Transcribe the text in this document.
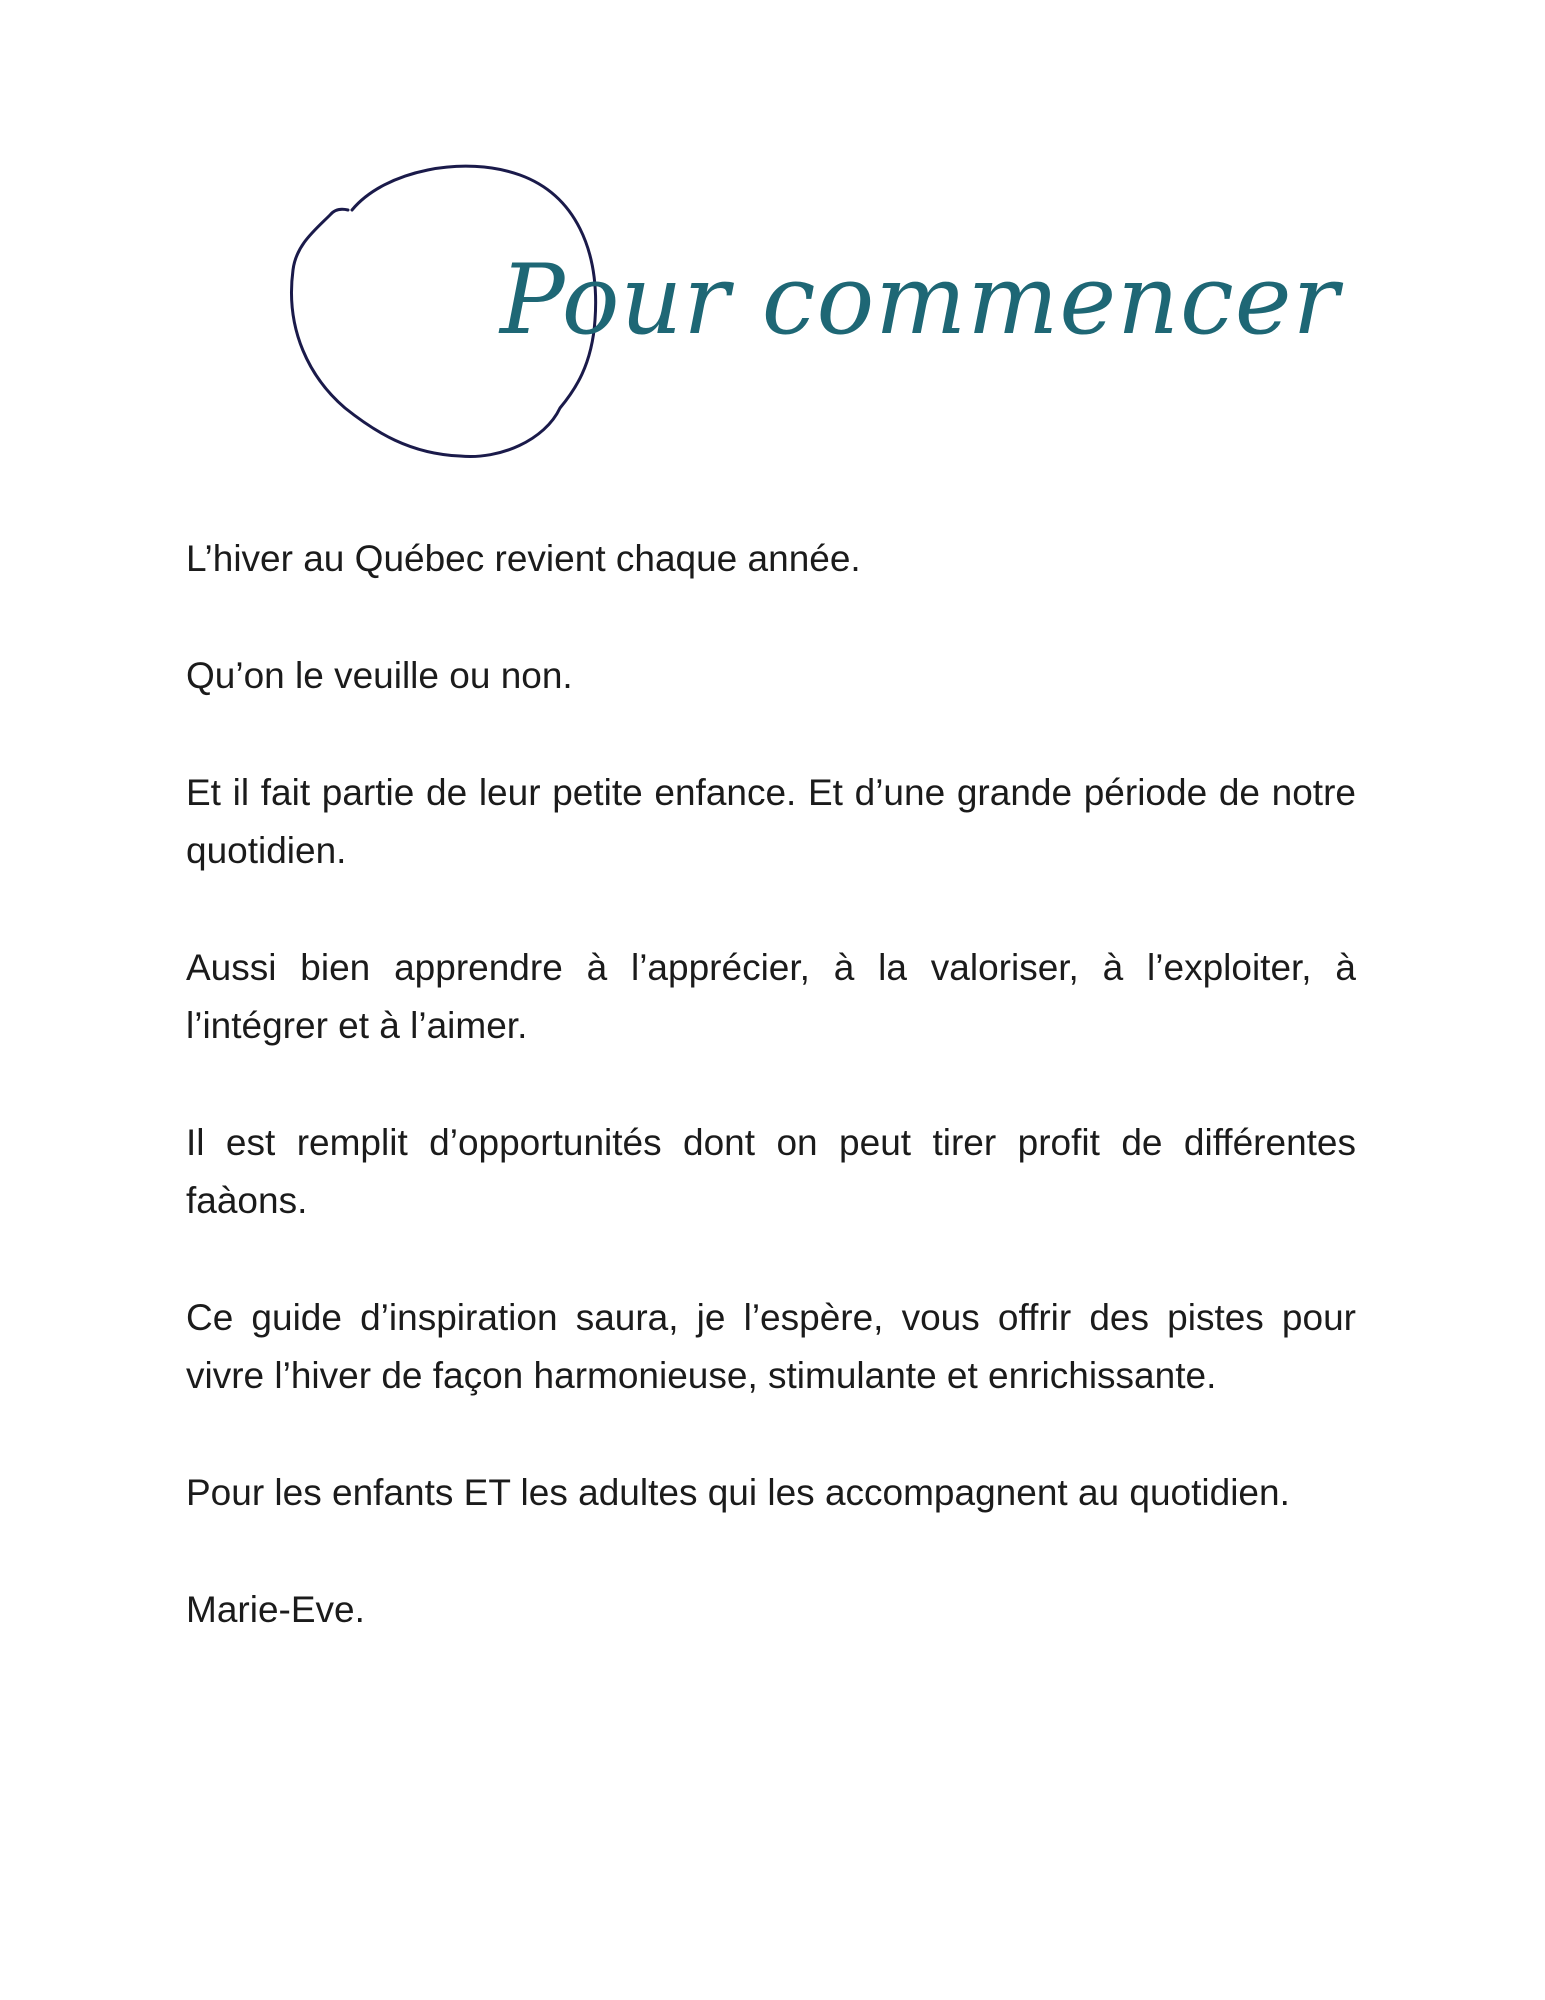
Pour commencer

L’hiver au Québec revient chaque année.

Qu’on le veuille ou non.

Et il fait partie de leur petite enfance. Et d’une grande période de notre quotidien.

Aussi bien apprendre à l’apprécier, à la valoriser, à l’exploiter, à l’intégrer et à l’aimer.

Il est remplit d’opportunités dont on peut tirer profit de différentes faàons.

Ce guide d’inspiration saura, je l’espère, vous offrir des pistes pour vivre l’hiver de façon harmonieuse, stimulante et enrichissante.

Pour les enfants ET les adultes qui les accompagnent au quotidien.

Marie-Eve.
